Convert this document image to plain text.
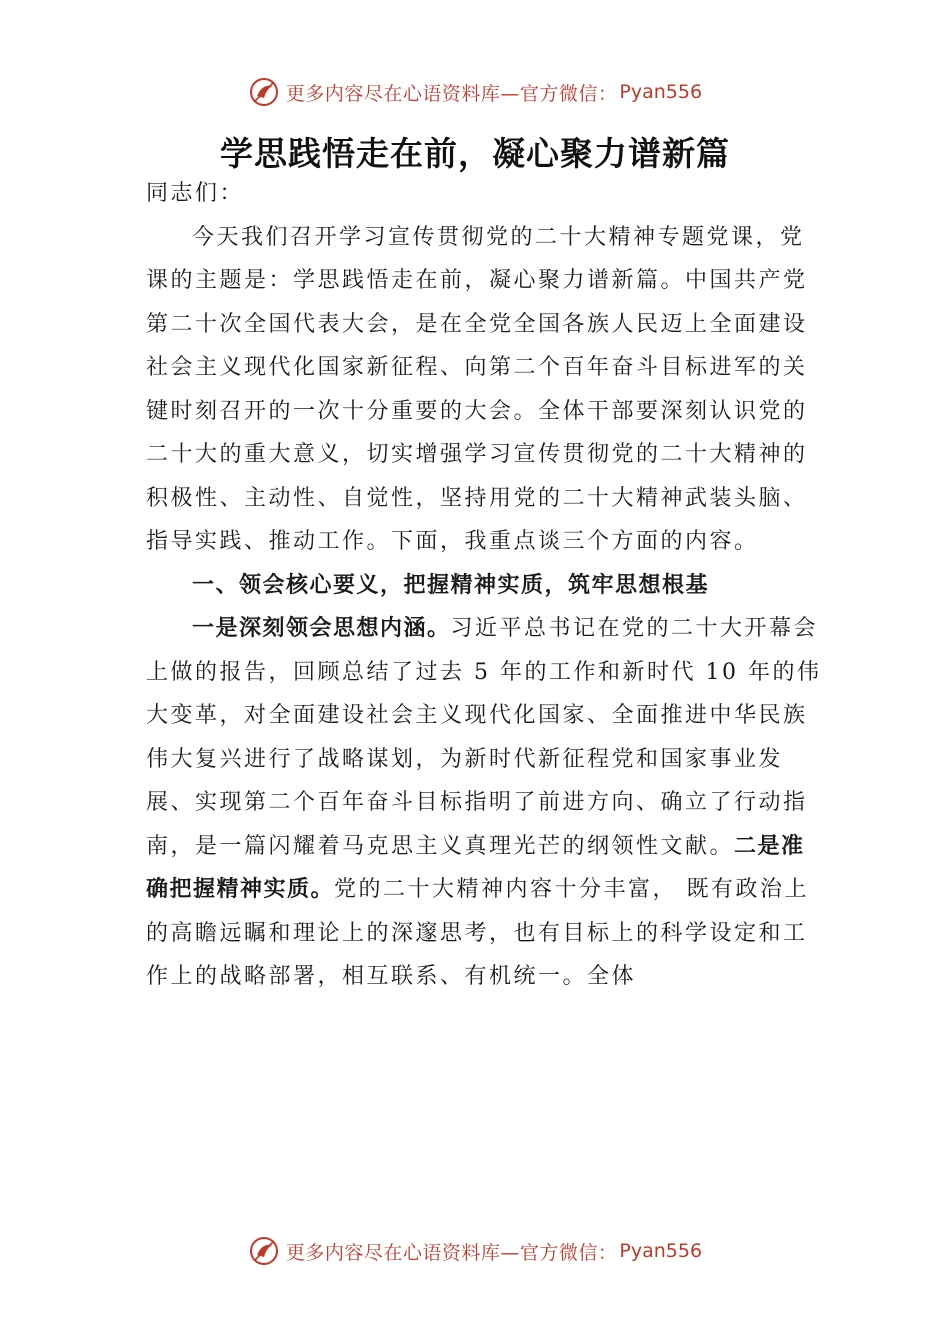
更多内容尽在心语资料库—官方微信： Pyan556
学思践悟走在前，凝心聚力谱新篇

同志们：

今天我们召开学习宣传贯彻党的二十大精神专题党课，党课的主题是：学思践悟走在前，凝心聚力谱新篇。中国共产党第二十次全国代表大会，是在全党全国各族人民迈上全面建设社会主义现代化国家新征程、向第二个百年奋斗目标进军的关键时刻召开的一次十分重要的大会。全体干部要深刻认识党的二十大的重大意义，切实增强学习宣传贯彻党的二十大精神的积极性、主动性、自觉性，坚持用党的二十大精神武装头脑、指导实践、推动工作。下面，我重点谈三个方面的内容。

一、领会核心要义，把握精神实质，筑牢思想根基

一是深刻领会思想内涵。习近平总书记在党的二十大开幕会上做的报告，回顾总结了过去 5 年的工作和新时代 10 年的伟大变革，对全面建设社会主义现代化国家、全面推进中华民族伟大复兴进行了战略谋划，为新时代新征程党和国家事业发展、实现第二个百年奋斗目标指明了前进方向、确立了行动指南，是一篇闪耀着马克思主义真理光芒的纲领性文献。二是准确把握精神实质。党的二十大精神内容十分丰富， 既有政治上的高瞻远瞩和理论上的深邃思考，也有目标上的科学设定和工作上的战略部署，相互联系、有机统一。全体

更多内容尽在心语资料库—官方微信： Pyan556
